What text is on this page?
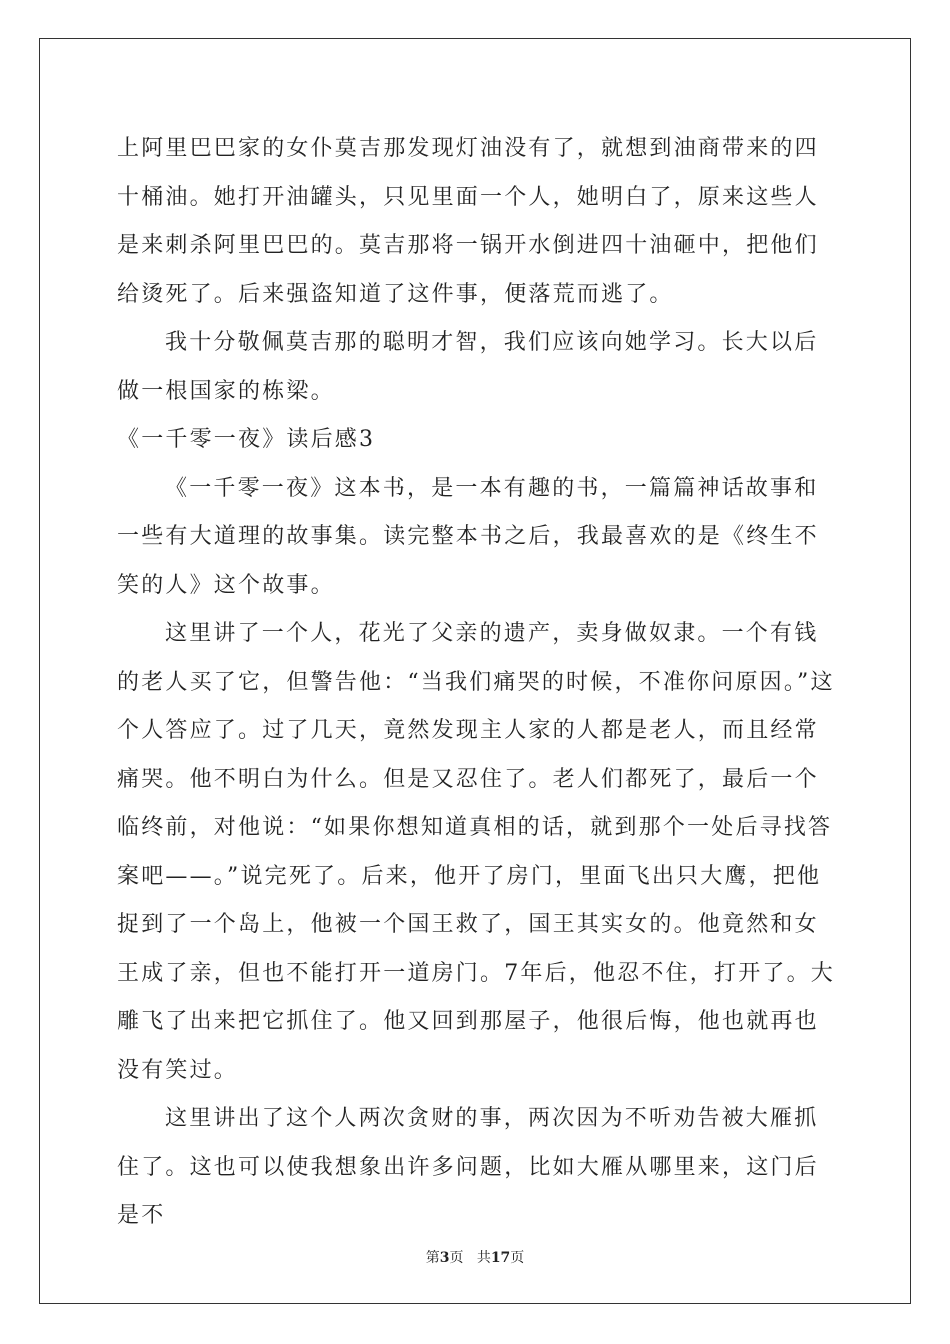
上阿里巴巴家的女仆莫吉那发现灯油没有了，就想到油商带来的四十桶油。她打开油罐头，只见里面一个人，她明白了，原来这些人是来刺杀阿里巴巴的。莫吉那将一锅开水倒进四十油砸中，把他们给烫死了。后来强盗知道了这件事，便落荒而逃了。

我十分敬佩莫吉那的聪明才智，我们应该向她学习。长大以后做一根国家的栋梁。

《一千零一夜》读后感3

《一千零一夜》这本书，是一本有趣的书，一篇篇神话故事和一些有大道理的故事集。读完整本书之后，我最喜欢的是《终生不笑的人》这个故事。

这里讲了一个人，花光了父亲的遗产，卖身做奴隶。一个有钱的老人买了它，但警告他：“当我们痛哭的时候，不准你问原因。”这个人答应了。过了几天，竟然发现主人家的人都是老人，而且经常痛哭。他不明白为什么。但是又忍住了。老人们都死了，最后一个临终前，对他说：“如果你想知道真相的话，就到那个一处后寻找答案吧——。”说完死了。后来，他开了房门，里面飞出只大鹰，把他捉到了一个岛上，他被一个国王救了，国王其实女的。他竟然和女王成了亲，但也不能打开一道房门。7年后，他忍不住，打开了。大雕飞了出来把它抓住了。他又回到那屋子，他很后悔，他也就再也没有笑过。

这里讲出了这个人两次贪财的事，两次因为不听劝告被大雁抓住了。这也可以使我想象出许多问题，比如大雁从哪里来，这门后是不

第3页 共17页
